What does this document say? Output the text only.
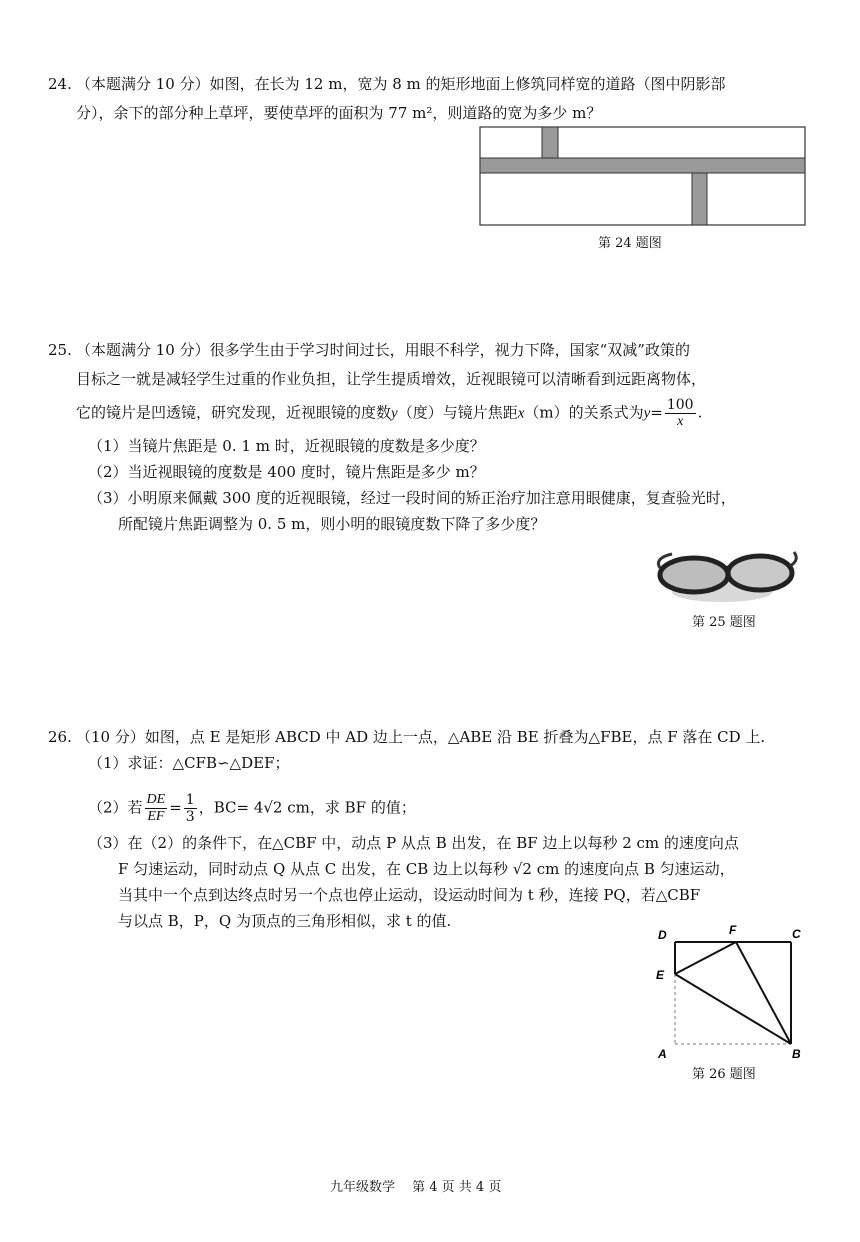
24. （本题满分 10 分）如图，在长为 12 m，宽为 8 m 的矩形地面上修筑同样宽的道路（图中阴影部
分），余下的部分种上草坪，要使草坪的面积为 77 m²，则道路的宽为多少 m？
第 24 题图
25. （本题满分 10 分）很多学生由于学习时间过长，用眼不科学，视力下降，国家“双减”政策的
目标之一就是减轻学生过重的作业负担，让学生提质增效，近视眼镜可以清晰看到远距离物体，
它的镜片是凹透镜，研究发现，近视眼镜的度数y（度）与镜片焦距x（m）的关系式为$y= \frac{100}{x}$ .
（1）当镜片焦距是 0. 1 m 时，近视眼镜的度数是多少度？
（2）当近视眼镜的度数是 400 度时，镜片焦距是多少 m？
（3）小明原来佩戴 300 度的近视眼镜，经过一段时间的矫正治疗加注意用眼健康，复查验光时，
所配镜片焦距调整为 0. 5 m，则小明的眼镜度数下降了多少度？
第 25 题图
26. （10 分）如图，点 E 是矩形 ABCD 中 AD 边上一点，△ABE 沿 BE 折叠为△FBE，点 F 落在 CD 上.
（1）求证：△CFB∽△DEF；
（2）若 $\frac{DE}{EF} = \frac{1}{3}$ ，BC= 4√2 cm，求 BF 的值；
（3）在（2）的条件下，在△CBF 中，动点 P 从点 B 出发，在 BF 边上以每秒 2 cm 的速度向点
F 匀速运动，同时动点 Q 从点 C 出发，在 CB 边上以每秒 √2 cm 的速度向点 B 匀速运动，
当其中一个点到达终点时另一个点也停止运动，设运动时间为 t 秒，连接 PQ，若△CBF
与以点 B，P，Q 为顶点的三角形相似，求 t 的值.
D	F	C
E
A	B
第 26 题图
九年级数学　 第 4 页 共 4 页
